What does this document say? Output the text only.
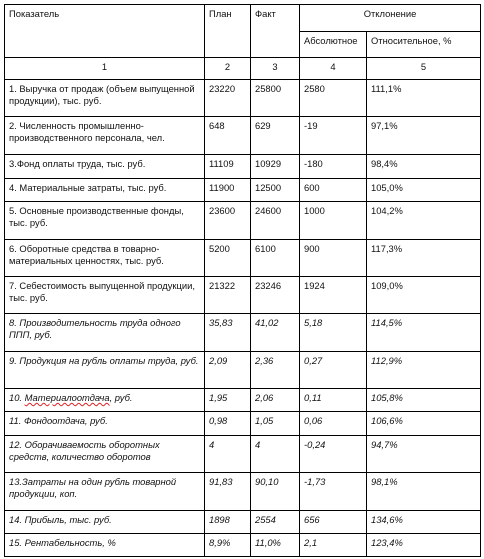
Показатель	План	Факт	Отклонение	
			Абсолютное	Относительное, %
1	2	3	4	5
1. Выручка от продаж (объем выпущенной продукции), тыс. руб.	23220	25800	2580	111,1%
2. Численность промышленно-производственного персонала, чел.	648	629	-19	97,1%
3.Фонд оплаты труда, тыс. руб.	11109	10929	-180	98,4%
4. Материальные затраты, тыс. руб.	11900	12500	600	105,0%
5. Основные производственные фонды, тыс. руб.	23600	24600	1000	104,2%
6. Оборотные средства в товарно-материальных ценностях, тыс. руб.	5200	6100	900	117,3%
7. Себестоимость выпущенной продукции, тыс. руб.	21322	23246	1924	109,0%
8. Производительность труда одного ППП, руб.	35,83	41,02	5,18	114,5%
9. Продукция на рубль оплаты труда, руб.	2,09	2,36	0,27	112,9%
10. Материалоотдача, руб.	1,95	2,06	0,11	105,8%
11. Фондоотдача, руб.	0,98	1,05	0,06	106,6%
12. Оборачиваемость оборотных средств, количество оборотов	4	4	-0,24	94,7%
13.Затраты на один рубль товарной продукции, коп.	91,83	90,10	-1,73	98,1%
14. Прибыль, тыс. руб.	1898	2554	656	134,6%
15. Рентабельность, %	8,9%	11,0%	2,1	123,4%
